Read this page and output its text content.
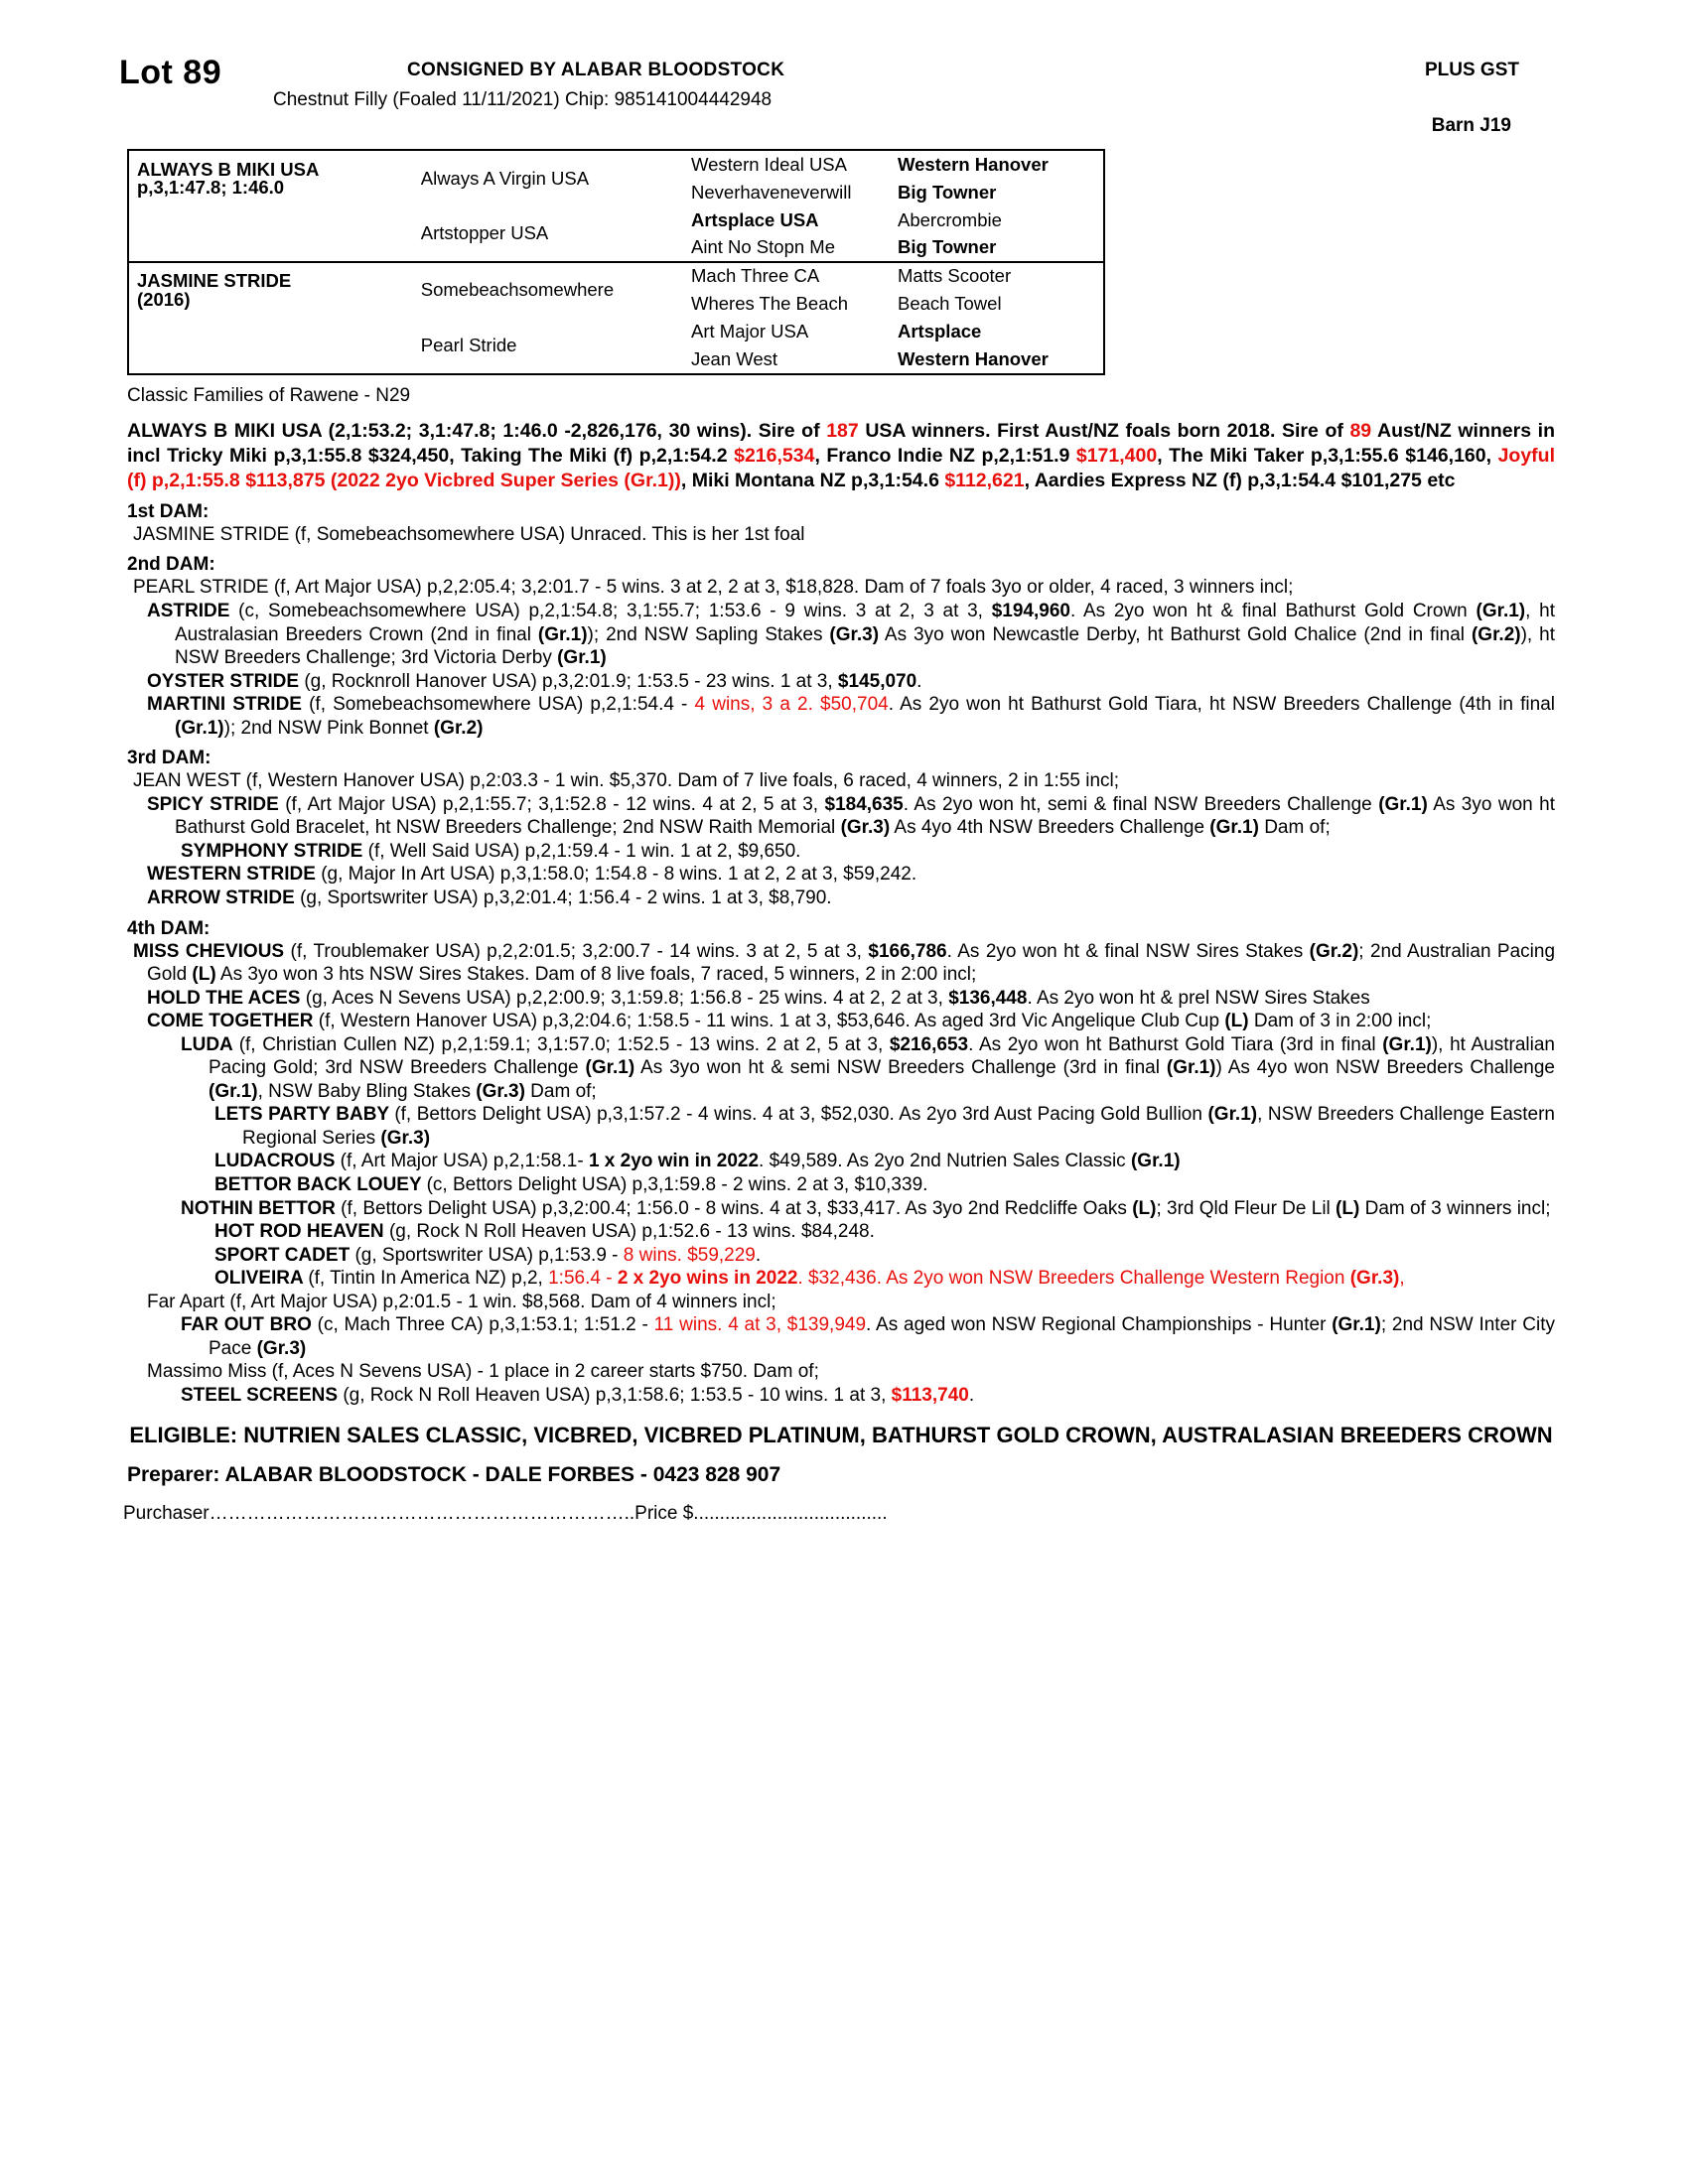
Lot 89	CONSIGNED BY ALABAR BLOODSTOCK	PLUS GST
Chestnut Filly (Foaled 11/11/2021) Chip: 985141004442948
Barn J19
ALWAYS B MIKI USA
p,3,1:47.8; 1:46.0	Always A Virgin USA	Western Ideal USA	Western Hanover
		Neverhaveneverwill	Big Towner
	Artstopper USA	Artsplace USA	Abercrombie
		Aint No Stopn Me	Big Towner

JASMINE STRIDE
(2016)	Somebeachsomewhere	Mach Three CA	Matts Scooter
		Wheres The Beach	Beach Towel
	Pearl Stride	Art Major USA	Artsplace
		Jean West	Western Hanover
Classic Families of Rawene - N29
ALWAYS B MIKI USA (2,1:53.2; 3,1:47.8; 1:46.0 -2,826,176, 30 wins). Sire of 187 USA winners. First Aust/NZ foals born 2018. Sire of 89 Aust/NZ winners in incl Tricky Miki p,3,1:55.8 $324,450, Taking The Miki (f) p,2,1:54.2 $216,534, Franco Indie NZ p,2,1:51.9 $171,400, The Miki Taker p,3,1:55.6 $146,160, Joyful (f) p,2,1:55.8 $113,875 (2022 2yo Vicbred Super Series (Gr.1)), Miki Montana NZ p,3,1:54.6 $112,621, Aardies Express NZ (f) p,3,1:54.4 $101,275 etc
1st DAM:
JASMINE STRIDE (f, Somebeachsomewhere USA) Unraced. This is her 1st foal
2nd DAM:
PEARL STRIDE (f, Art Major USA) p,2,2:05.4; 3,2:01.7 - 5 wins. 3 at 2, 2 at 3, $18,828. Dam of 7 foals 3yo or older, 4 raced, 3 winners incl;
ASTRIDE (c, Somebeachsomewhere USA) p,2,1:54.8; 3,1:55.7; 1:53.6 - 9 wins. 3 at 2, 3 at 3, $194,960. As 2yo won ht & final Bathurst Gold Crown (Gr.1), ht Australasian Breeders Crown (2nd in final (Gr.1)); 2nd NSW Sapling Stakes (Gr.3) As 3yo won Newcastle Derby, ht Bathurst Gold Chalice (2nd in final (Gr.2)), ht NSW Breeders Challenge; 3rd Victoria Derby (Gr.1)
OYSTER STRIDE (g, Rocknroll Hanover USA) p,3,2:01.9; 1:53.5 - 23 wins. 1 at 3, $145,070.
MARTINI STRIDE (f, Somebeachsomewhere USA) p,2,1:54.4 - 4 wins, 3 a 2. $50,704. As 2yo won ht Bathurst Gold Tiara, ht NSW Breeders Challenge (4th in final (Gr.1)); 2nd NSW Pink Bonnet (Gr.2)
3rd DAM:
JEAN WEST (f, Western Hanover USA) p,2:03.3 - 1 win. $5,370. Dam of 7 live foals, 6 raced, 4 winners, 2 in 1:55 incl;
SPICY STRIDE (f, Art Major USA) p,2,1:55.7; 3,1:52.8 - 12 wins. 4 at 2, 5 at 3, $184,635. As 2yo won ht, semi & final NSW Breeders Challenge (Gr.1) As 3yo won ht Bathurst Gold Bracelet, ht NSW Breeders Challenge; 2nd NSW Raith Memorial (Gr.3) As 4yo 4th NSW Breeders Challenge (Gr.1) Dam of;
SYMPHONY STRIDE (f, Well Said USA) p,2,1:59.4 - 1 win. 1 at 2, $9,650.
WESTERN STRIDE (g, Major In Art USA) p,3,1:58.0; 1:54.8 - 8 wins. 1 at 2, 2 at 3, $59,242.
ARROW STRIDE (g, Sportswriter USA) p,3,2:01.4; 1:56.4 - 2 wins. 1 at 3, $8,790.
4th DAM:
MISS CHEVIOUS (f, Troublemaker USA) p,2,2:01.5; 3,2:00.7 - 14 wins. 3 at 2, 5 at 3, $166,786. As 2yo won ht & final NSW Sires Stakes (Gr.2); 2nd Australian Pacing Gold (L) As 3yo won 3 hts NSW Sires Stakes. Dam of 8 live foals, 7 raced, 5 winners, 2 in 2:00 incl;
HOLD THE ACES (g, Aces N Sevens USA) p,2,2:00.9; 3,1:59.8; 1:56.8 - 25 wins. 4 at 2, 2 at 3, $136,448. As 2yo won ht & prel NSW Sires Stakes
COME TOGETHER (f, Western Hanover USA) p,3,2:04.6; 1:58.5 - 11 wins. 1 at 3, $53,646. As aged 3rd Vic Angelique Club Cup (L) Dam of 3 in 2:00 incl;
LUDA (f, Christian Cullen NZ) p,2,1:59.1; 3,1:57.0; 1:52.5 - 13 wins. 2 at 2, 5 at 3, $216,653. As 2yo won ht Bathurst Gold Tiara (3rd in final (Gr.1)), ht Australian Pacing Gold; 3rd NSW Breeders Challenge (Gr.1) As 3yo won ht & semi NSW Breeders Challenge (3rd in final (Gr.1)) As 4yo won NSW Breeders Challenge (Gr.1), NSW Baby Bling Stakes (Gr.3) Dam of;
LETS PARTY BABY (f, Bettors Delight USA) p,3,1:57.2 - 4 wins. 4 at 3, $52,030. As 2yo 3rd Aust Pacing Gold Bullion (Gr.1), NSW Breeders Challenge Eastern Regional Series (Gr.3)
LUDACROUS (f, Art Major USA) p,2,1:58.1- 1 x 2yo win in 2022. $49,589. As 2yo 2nd Nutrien Sales Classic (Gr.1)
BETTOR BACK LOUEY (c, Bettors Delight USA) p,3,1:59.8 - 2 wins. 2 at 3, $10,339.
NOTHIN BETTOR (f, Bettors Delight USA) p,3,2:00.4; 1:56.0 - 8 wins. 4 at 3, $33,417. As 3yo 2nd Redcliffe Oaks (L); 3rd Qld Fleur De Lil (L) Dam of 3 winners incl;
HOT ROD HEAVEN (g, Rock N Roll Heaven USA) p,1:52.6 - 13 wins. $84,248.
SPORT CADET (g, Sportswriter USA) p,1:53.9 - 8 wins. $59,229.
OLIVEIRA (f, Tintin In America NZ) p,2, 1:56.4 - 2 x 2yo wins in 2022. $32,436. As 2yo won NSW Breeders Challenge Western Region (Gr.3),
Far Apart (f, Art Major USA) p,2:01.5 - 1 win. $8,568. Dam of 4 winners incl;
FAR OUT BRO (c, Mach Three CA) p,3,1:53.1; 1:51.2 - 11 wins. 4 at 3, $139,949. As aged won NSW Regional Championships - Hunter (Gr.1); 2nd NSW Inter City Pace (Gr.3)
Massimo Miss (f, Aces N Sevens USA) - 1 place in 2 career starts $750. Dam of;
STEEL SCREENS (g, Rock N Roll Heaven USA) p,3,1:58.6; 1:53.5 - 10 wins. 1 at 3, $113,740.
ELIGIBLE: NUTRIEN SALES CLASSIC, VICBRED, VICBRED PLATINUM, BATHURST GOLD CROWN, AUSTRALASIAN BREEDERS CROWN
Preparer: ALABAR BLOODSTOCK - DALE FORBES - 0423 828 907
Purchaser…………………………………………………………..Price $.....................................
